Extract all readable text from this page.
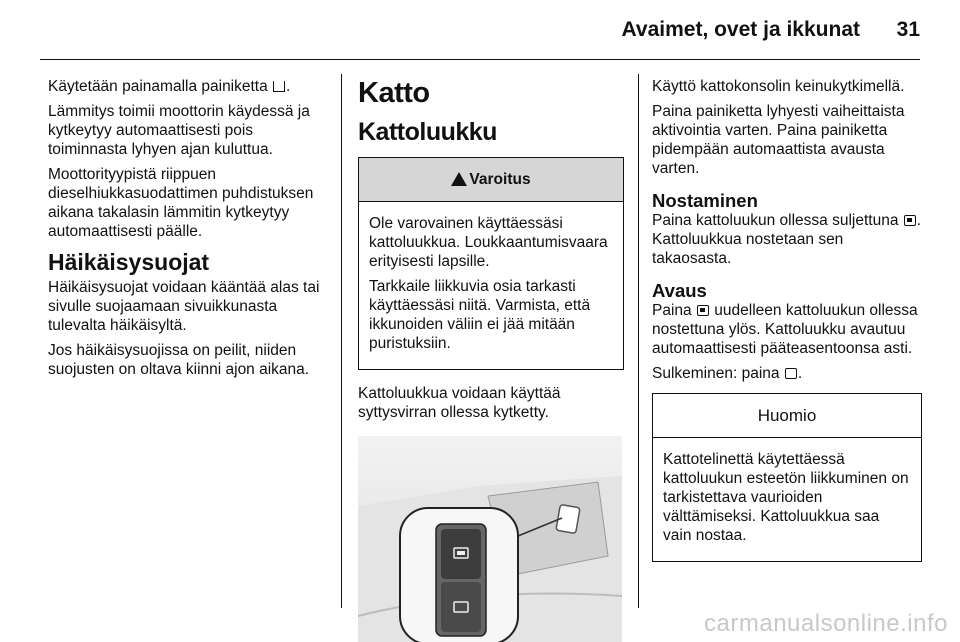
Avaimet, ovet ja ikkunat 31

Käytetään painamalla painiketta .

Lämmitys toimii moottorin käydessä ja kytkeytyy automaattisesti pois toiminnasta lyhyen ajan kuluttua.

Moottorityypistä riippuen dieselhiukkasuodattimen puhdistuksen aikana takalasin lämmitin kytkeytyy automaattisesti päälle.

Häikäisysuojat

Häikäisysuojat voidaan kääntää alas tai sivulle suojaamaan sivuikkunasta tulevalta häikäisyltä.

Jos häikäisysuojissa on peilit, niiden suojusten on oltava kiinni ajon aikana.

Katto
Kattoluukku
Varoitus

Ole varovainen käyttäessäsi kattoluukkua. Loukkaantumisvaara erityisesti lapsille.

Tarkkaile liikkuvia osia tarkasti käyttäessäsi niitä. Varmista, että ikkunoiden väliin ei jää mitään puristuksiin.

Kattoluukkua voidaan käyttää syttysvirran ollessa kytketty.

Käyttö kattokonsolin keinukytkimellä.

Paina painiketta lyhyesti vaiheittaista aktivointia varten. Paina painiketta pidempään automaattista avausta varten.

Nostaminen

Paina kattoluukun ollessa suljettuna . Kattoluukkua nostetaan sen takaosasta.

Avaus

Paina uudelleen kattoluukun ollessa nostettuna ylös. Kattoluukku avautuu automaattisesti pääteasentoonsa asti.

Sulkeminen: paina .

Huomio

Kattotelinettä käytettäessä kattoluukun esteetön liikkuminen on tarkistettava vaurioiden välttämiseksi. Kattoluukkua saa vain nostaa.

carmanualsonline.info
